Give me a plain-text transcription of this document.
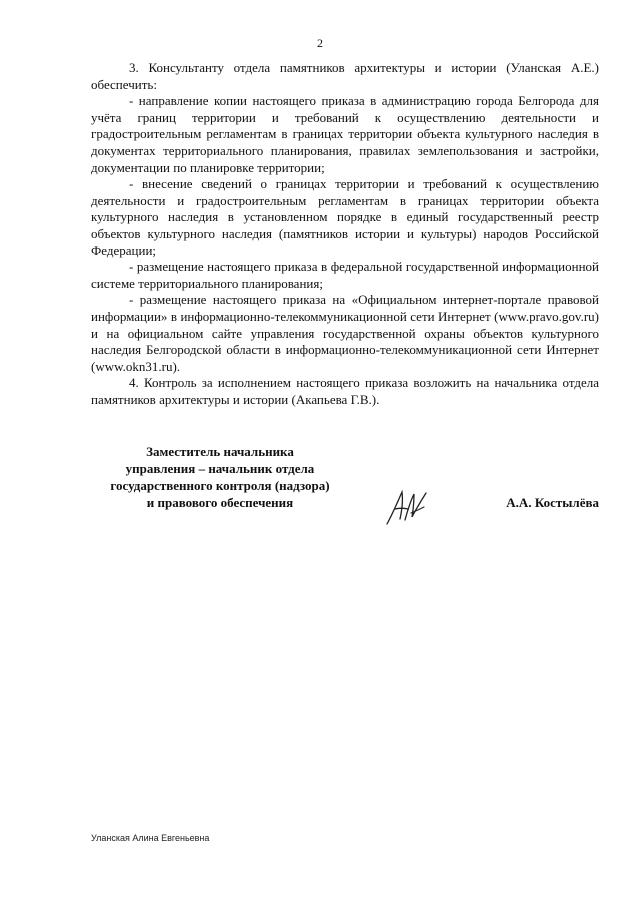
2

3. Консультанту отдела памятников архитектуры и истории (Уланская А.Е.) обеспечить:

- направление копии настоящего приказа в администрацию города Белгорода для учёта границ территории и требований к осуществлению деятельности и градостроительным регламентам в границах территории объекта культурного наследия в документах территориального планирования, правилах землепользования и застройки, документации по планировке территории;

- внесение сведений о границах территории и требований к осуществлению деятельности и градостроительным регламентам в границах территории объекта культурного наследия в установленном порядке в единый государственный реестр объектов культурного наследия (памятников истории и культуры) народов Российской Федерации;

- размещение настоящего приказа в федеральной государственной информационной системе территориального планирования;

- размещение настоящего приказа на «Официальном интернет-портале правовой информации» в информационно-телекоммуникационной сети Интернет (www.pravo.gov.ru) и на официальном сайте управления государственной охраны объектов культурного наследия Белгородской области в информационно-телекоммуникационной сети Интернет (www.okn31.ru).

4. Контроль за исполнением настоящего приказа возложить на начальника отдела памятников архитектуры и истории (Акапьева Г.В.).

Заместитель начальника
управления – начальник отдела
государственного контроля (надзора)
и правового обеспечения	А.А. Костылёва
Уланская Алина Евгеньевна
